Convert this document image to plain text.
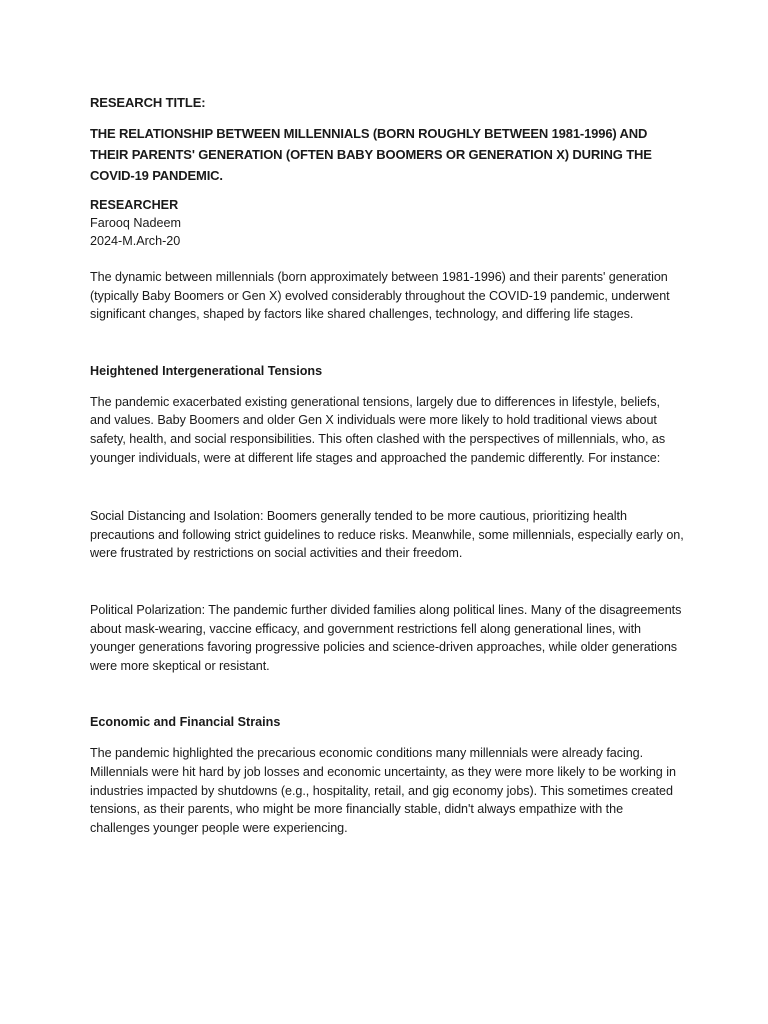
RESEARCH TITLE:
THE RELATIONSHIP BETWEEN MILLENNIALS (BORN ROUGHLY BETWEEN 1981-1996) AND THEIR PARENTS' GENERATION (OFTEN BABY BOOMERS OR GENERATION X) DURING THE COVID-19 PANDEMIC.
RESEARCHER
Farooq Nadeem
2024-M.Arch-20

The dynamic between millennials (born approximately between 1981-1996) and their parents' generation (typically Baby Boomers or Gen X) evolved considerably throughout the COVID-19 pandemic, underwent significant changes, shaped by factors like shared challenges, technology, and differing life stages.

Heightened Intergenerational Tensions

The pandemic exacerbated existing generational tensions, largely due to differences in lifestyle, beliefs, and values. Baby Boomers and older Gen X individuals were more likely to hold traditional views about safety, health, and social responsibilities. This often clashed with the perspectives of millennials, who, as younger individuals, were at different life stages and approached the pandemic differently. For instance:

Social Distancing and Isolation: Boomers generally tended to be more cautious, prioritizing health precautions and following strict guidelines to reduce risks. Meanwhile, some millennials, especially early on, were frustrated by restrictions on social activities and their freedom.

Political Polarization: The pandemic further divided families along political lines. Many of the disagreements about mask-wearing, vaccine efficacy, and government restrictions fell along generational lines, with younger generations favoring progressive policies and science-driven approaches, while older generations were more skeptical or resistant.

Economic and Financial Strains

The pandemic highlighted the precarious economic conditions many millennials were already facing. Millennials were hit hard by job losses and economic uncertainty, as they were more likely to be working in industries impacted by shutdowns (e.g., hospitality, retail, and gig economy jobs). This sometimes created tensions, as their parents, who might be more financially stable, didn't always empathize with the challenges younger people were experiencing.
